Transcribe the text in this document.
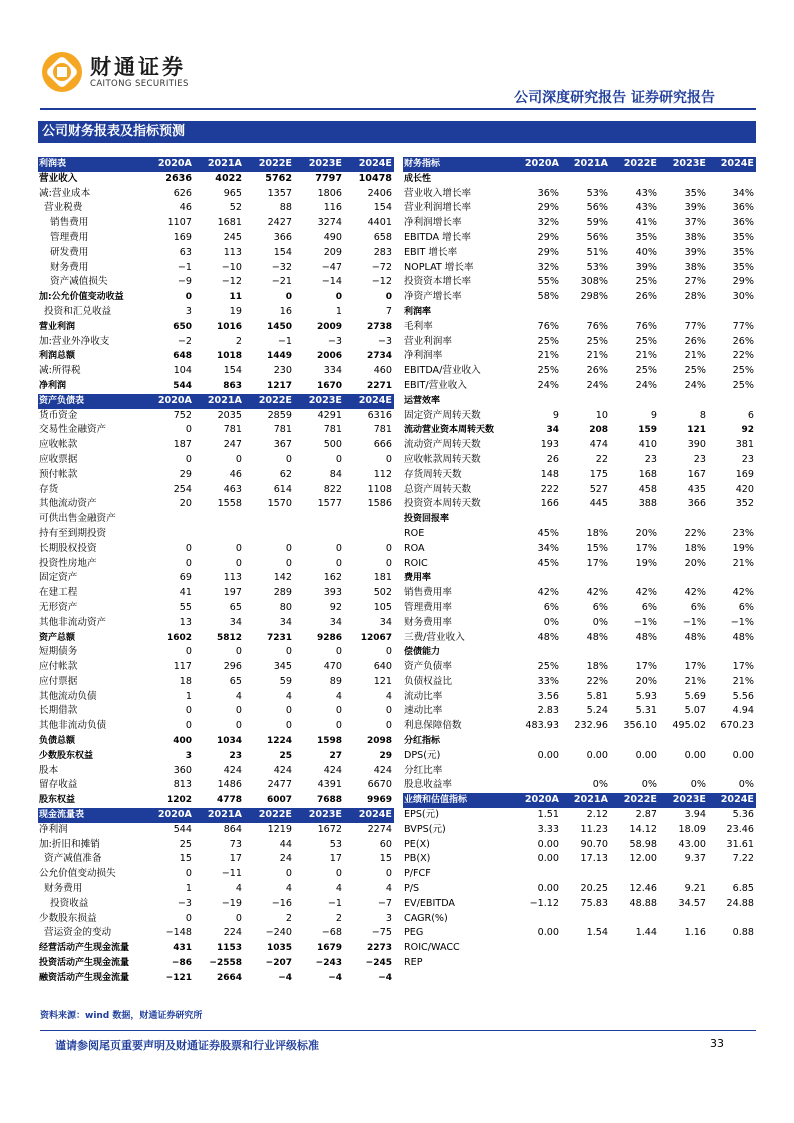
财通证券
CAITONG SECURITIES
公司深度研究报告 证券研究报告
公司财务报表及指标预测
利润表	2020A	2021A	2022E	2023E	2024E
营业收入	2636	4022	5762	7797	10478
减:营业成本	626	965	1357	1806	2406
营业税费	46	52	88	116	154
销售费用	1107	1681	2427	3274	4401
管理费用	169	245	366	490	658
研发费用	63	113	154	209	283
财务费用	−1	−10	−32	−47	−72
资产减值损失	−9	−12	−21	−14	−12
加:公允价值变动收益	0	11	0	0	0
投资和汇兑收益	3	19	16	1	7
营业利润	650	1016	1450	2009	2738
加:营业外净收支	−2	2	−1	−3	−3
利润总额	648	1018	1449	2006	2734
减:所得税	104	154	230	334	460
净利润	544	863	1217	1670	2271
资产负债表	2020A	2021A	2022E	2023E	2024E
货币资金	752	2035	2859	4291	6316
交易性金融资产	0	781	781	781	781
应收帐款	187	247	367	500	666
应收票据	0	0	0	0	0
预付帐款	29	46	62	84	112
存货	254	463	614	822	1108
其他流动资产	20	1558	1570	1577	1586
可供出售金融资产					
持有至到期投资					
长期股权投资	0	0	0	0	0
投资性房地产	0	0	0	0	0
固定资产	69	113	142	162	181
在建工程	41	197	289	393	502
无形资产	55	65	80	92	105
其他非流动资产	13	34	34	34	34
资产总额	1602	5812	7231	9286	12067
短期债务	0	0	0	0	0
应付帐款	117	296	345	470	640
应付票据	18	65	59	89	121
其他流动负债	1	4	4	4	4
长期借款	0	0	0	0	0
其他非流动负债	0	0	0	0	0
负债总额	400	1034	1224	1598	2098
少数股东权益	3	23	25	27	29
股本	360	424	424	424	424
留存收益	813	1486	2477	4391	6670
股东权益	1202	4778	6007	7688	9969
现金流量表	2020A	2021A	2022E	2023E	2024E
净利润	544	864	1219	1672	2274
加:折旧和摊销	25	73	44	53	60
资产减值准备	15	17	24	17	15
公允价值变动损失	0	−11	0	0	0
财务费用	1	4	4	4	4
投资收益	−3	−19	−16	−1	−7
少数股东损益	0	0	2	2	3
营运资金的变动	−148	224	−240	−68	−75
经营活动产生现金流量	431	1153	1035	1679	2273
投资活动产生现金流量	−86	−2558	−207	−243	−245
融资活动产生现金流量	−121	2664	−4	−4	−4
财务指标	2020A	2021A	2022E	2023E	2024E
成长性					
营业收入增长率	36%	53%	43%	35%	34%
营业利润增长率	29%	56%	43%	39%	36%
净利润增长率	32%	59%	41%	37%	36%
EBITDA 增长率	29%	56%	35%	38%	35%
EBIT 增长率	29%	51%	40%	39%	35%
NOPLAT 增长率	32%	53%	39%	38%	35%
投资资本增长率	55%	308%	25%	27%	29%
净资产增长率	58%	298%	26%	28%	30%
利润率					
毛利率	76%	76%	76%	77%	77%
营业利润率	25%	25%	25%	26%	26%
净利润率	21%	21%	21%	21%	22%
EBITDA/营业收入	25%	26%	25%	25%	25%
EBIT/营业收入	24%	24%	24%	24%	25%
运营效率					
固定资产周转天数	9	10	9	8	6
流动营业资本周转天数	34	208	159	121	92
流动资产周转天数	193	474	410	390	381
应收帐款周转天数	26	22	23	23	23
存货周转天数	148	175	168	167	169
总资产周转天数	222	527	458	435	420
投资资本周转天数	166	445	388	366	352
投资回报率					
ROE	45%	18%	20%	22%	23%
ROA	34%	15%	17%	18%	19%
ROIC	45%	17%	19%	20%	21%
费用率					
销售费用率	42%	42%	42%	42%	42%
管理费用率	6%	6%	6%	6%	6%
财务费用率	0%	0%	−1%	−1%	−1%
三费/营业收入	48%	48%	48%	48%	48%
偿债能力					
资产负债率	25%	18%	17%	17%	17%
负债权益比	33%	22%	20%	21%	21%
流动比率	3.56	5.81	5.93	5.69	5.56
速动比率	2.83	5.24	5.31	5.07	4.94
利息保障倍数	483.93	232.96	356.10	495.02	670.23
分红指标					
DPS(元)	0.00	0.00	0.00	0.00	0.00
分红比率					
股息收益率		0%	0%	0%	0%
业绩和估值指标	2020A	2021A	2022E	2023E	2024E
EPS(元)	1.51	2.12	2.87	3.94	5.36
BVPS(元)	3.33	11.23	14.12	18.09	23.46
PE(X)	0.00	90.70	58.98	43.00	31.61
PB(X)	0.00	17.13	12.00	9.37	7.22
P/FCF					
P/S	0.00	20.25	12.46	9.21	6.85
EV/EBITDA	−1.12	75.83	48.88	34.57	24.88
CAGR(%)					
PEG	0.00	1.54	1.44	1.16	0.88
ROIC/WACC					
REP					
资料来源：wind 数据，财通证券研究所
谨请参阅尾页重要声明及财通证券股票和行业评级标准	33
